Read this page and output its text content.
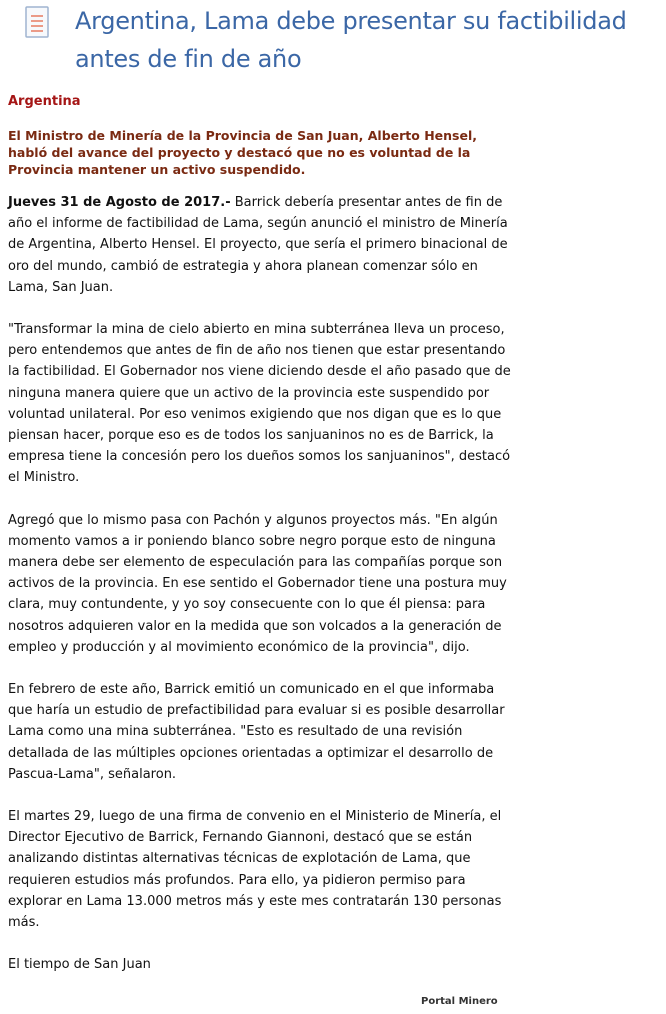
Argentina, Lama debe presentar su factibilidad antes de fin de año
Argentina
El Ministro de Minería de la Provincia de San Juan, Alberto Hensel, habló del avance del proyecto y destacó que no es voluntad de la Provincia mantener un activo suspendido.

Jueves 31 de Agosto de 2017.- Barrick debería presentar antes de fin de año el informe de factibilidad de Lama, según anunció el ministro de Minería de Argentina, Alberto Hensel. El proyecto, que sería el primero binacional de oro del mundo, cambió de estrategia y ahora planean comenzar sólo en Lama, San Juan.

"Transformar la mina de cielo abierto en mina subterránea lleva un proceso, pero entendemos que antes de fin de año nos tienen que estar presentando la factibilidad. El Gobernador nos viene diciendo desde el año pasado que de ninguna manera quiere que un activo de la provincia este suspendido por voluntad unilateral. Por eso venimos exigiendo que nos digan que es lo que piensan hacer, porque eso es de todos los sanjuaninos no es de Barrick, la empresa tiene la concesión pero los dueños somos los sanjuaninos", destacó el Ministro.

Agregó que lo mismo pasa con Pachón y algunos proyectos más. "En algún momento vamos a ir poniendo blanco sobre negro porque esto de ninguna manera debe ser elemento de especulación para las compañías porque son activos de la provincia. En ese sentido el Gobernador tiene una postura muy clara, muy contundente, y yo soy consecuente con lo que él piensa: para nosotros adquieren valor en la medida que son volcados a la generación de empleo y producción y al movimiento económico de la provincia", dijo.

En febrero de este año, Barrick emitió un comunicado en el que informaba que haría un estudio de prefactibilidad para evaluar si es posible desarrollar Lama como una mina subterránea. "Esto es resultado de una revisión detallada de las múltiples opciones orientadas a optimizar el desarrollo de Pascua-Lama", señalaron.

El martes 29, luego de una firma de convenio en el Ministerio de Minería, el Director Ejecutivo de Barrick, Fernando Giannoni, destacó que se están analizando distintas alternativas técnicas de explotación de Lama, que requieren estudios más profundos. Para ello, ya pidieron permiso para explorar en Lama 13.000 metros más y este mes contratarán 130 personas más.

El tiempo de San Juan

Portal Minero
